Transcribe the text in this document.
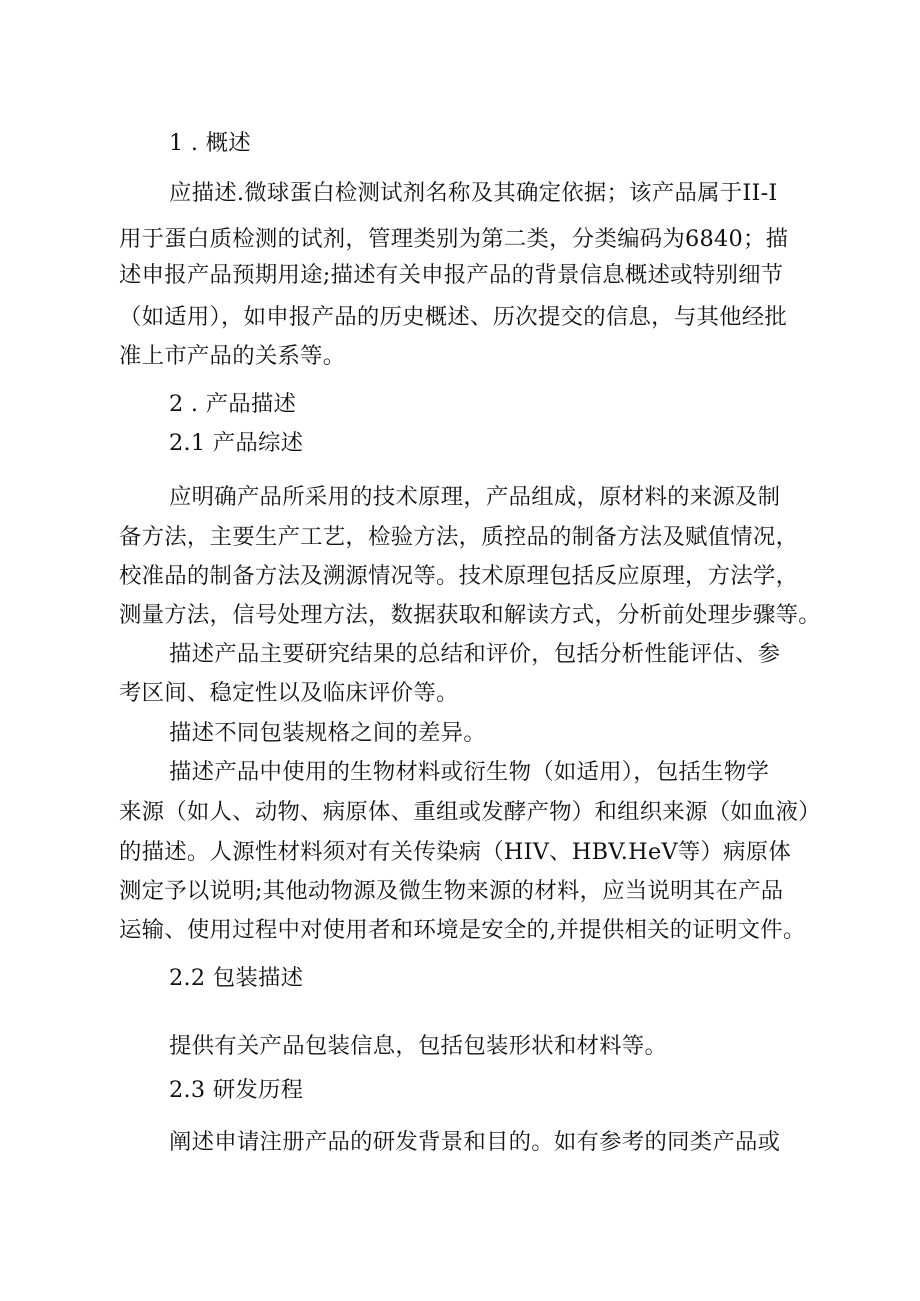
1 . 概述
应描述.微球蛋白检测试剂名称及其确定依据；该产品属于II-I
用于蛋白质检测的试剂，管理类别为第二类，分类编码为6840；描
述申报产品预期用途;描述有关申报产品的背景信息概述或特别细节
（如适用），如申报产品的历史概述、历次提交的信息，与其他经批
准上市产品的关系等。
2 . 产品描述
2.1 产品综述
应明确产品所采用的技术原理，产品组成，原材料的来源及制
备方法，主要生产工艺，检验方法，质控品的制备方法及赋值情况，
校准品的制备方法及溯源情况等。技术原理包括反应原理，方法学，
测量方法，信号处理方法，数据获取和解读方式，分析前处理步骤等。
描述产品主要研究结果的总结和评价，包括分析性能评估、参
考区间、稳定性以及临床评价等。
描述不同包装规格之间的差异。
描述产品中使用的生物材料或衍生物（如适用），包括生物学
来源（如人、动物、病原体、重组或发酵产物）和组织来源（如血液）
的描述。人源性材料须对有关传染病（HIV、HBV.HeV等）病原体
测定予以说明;其他动物源及微生物来源的材料，应当说明其在产品
运输、使用过程中对使用者和环境是安全的,并提供相关的证明文件。
2.2 包装描述
提供有关产品包装信息，包括包装形状和材料等。
2.3 研发历程
阐述申请注册产品的研发背景和目的。如有参考的同类产品或
